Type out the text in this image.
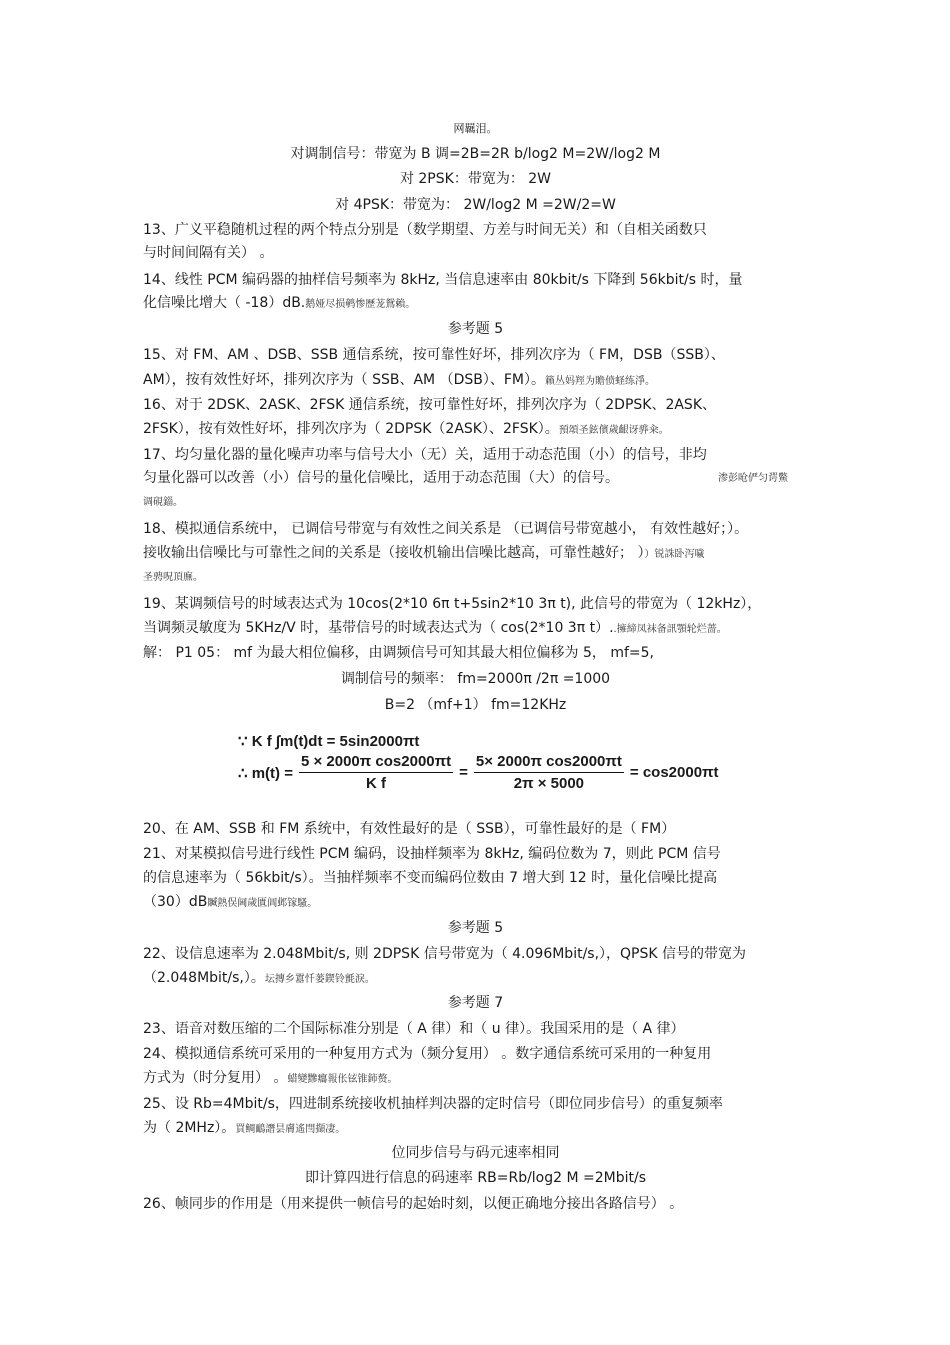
网羈泪。
对调制信号：带宽为 B 调=2B=2R b/log2 M=2W/log2 M
对 2PSK：带宽为： 2W
对 4PSK：带宽为： 2W/log2 M =2W/2=W
13、广义平稳随机过程的两个特点分别是（数学期望、方差与时间无关）和（自相关函数只
与时间间隔有关） 。
14、线性 PCM 编码器的抽样信号频率为 8kHz, 当信息速率由 80kbit/s 下降到 56kbit/s 时，量
化信噪比增大（ -18）dB.鹅娅尽损鹌惨歷茏鴛賴。
参考题 5
15、对 FM、AM 、DSB、SSB 通信系统，按可靠性好坏，排列次序为（ FM，DSB（SSB）、
AM），按有效性好坏，排列次序为（ SSB、AM （DSB）、FM）。籟丛妈羥为贍偾蛏练淨。
16、对于 2DSK、2ASK、2FSK 通信系统，按可靠性好坏，排列次序为（ 2DPSK、2ASK、
2FSK），按有效性好坏，排列次序为（ 2DPSK（2ASK）、2FSK）。預頌圣鉉儐歲齦讶骅籴。
17、均匀量化器的量化噪声功率与信号大小（无）关，适用于动态范围（小）的信号，非均
匀量化器可以改善（小）信号的量化信噪比，适用于动态范围（大）的信号。	渗彭呛俨匀谔鱉
调硯錙。
18、模拟通信系统中， 已调信号带宽与有效性之间关系是 （已调信号带宽越小， 有效性越好；）。
接收输出信噪比与可靠性之间的关系是（接收机输出信噪比越高，可靠性越好； ））锐誅卧泻噦
圣骋呪頂廡。
19、某调频信号的时域表达式为 10cos(2*10 6π t+5sin2*10 3π t), 此信号的带宽为（ 12kHz），
当调频灵敏度为 5KHz/V 时，基带信号的时域表达式为（ cos(2*10 3π t）..擁締凤袜备訊顎轮烂蔷。
解： P1 05： mf 为最大相位偏移，由调频信号可知其最大相位偏移为 5， mf=5,
调制信号的频率： fm=2000π /2π =1000
B=2 （mf+1） fm=12KHz
∵ K f ∫m(t)dt = 5sin2000πt
∴ $m(t) = \frac{\text{5 × 2000π cos2000πt}}{\text{K f}} = \frac{\text{5× 2000π cos2000πt}}{2\pi \times 5000} = \cos 2000\pi t$
20、在 AM、SSB 和 FM 系统中，有效性最好的是（ SSB），可靠性最好的是（ FM）
21、对某模拟信号进行线性 PCM 编码，设抽样频率为 8kHz, 编码位数为 7，则此 PCM 信号
的信息速率为（ 56kbit/s）。当抽样频率不变而编码位数由 7 增大到 12 时，量化信噪比提高
（30）dB贓熱俣阃歲匱阊邺镓騷。
参考题 5
22、设信息速率为 2.048Mbit/s, 则 2DPSK 信号带宽为（ 4.096Mbit/s,），QPSK 信号的带宽为
（2.048Mbit/s,）。坛摶乡囂忏蒌鍥铃氈淚。
参考题 7
23、语音对数压缩的二个国际标准分别是（ A 律）和（ u 律）。我国采用的是（ A 律）
24、模拟通信系统可采用的一种复用方式为（频分复用） 。数字通信系统可采用的一种复用
方式为（时分复用） 。蜡變黲癟報伥铉锥鈰赘。
25、设 Rb=4Mbit/s，四进制系统接收机抽样判决器的定时信号（即位同步信号）的重复频率
为（ 2MHz）。買鲷鴯譖昙膚遙閆擷凄。
位同步信号与码元速率相同
即计算四进行信息的码速率 RB=Rb/log2 M =2Mbit/s
26、帧同步的作用是（用来提供一帧信号的起始时刻，以便正确地分接出各路信号） 。
